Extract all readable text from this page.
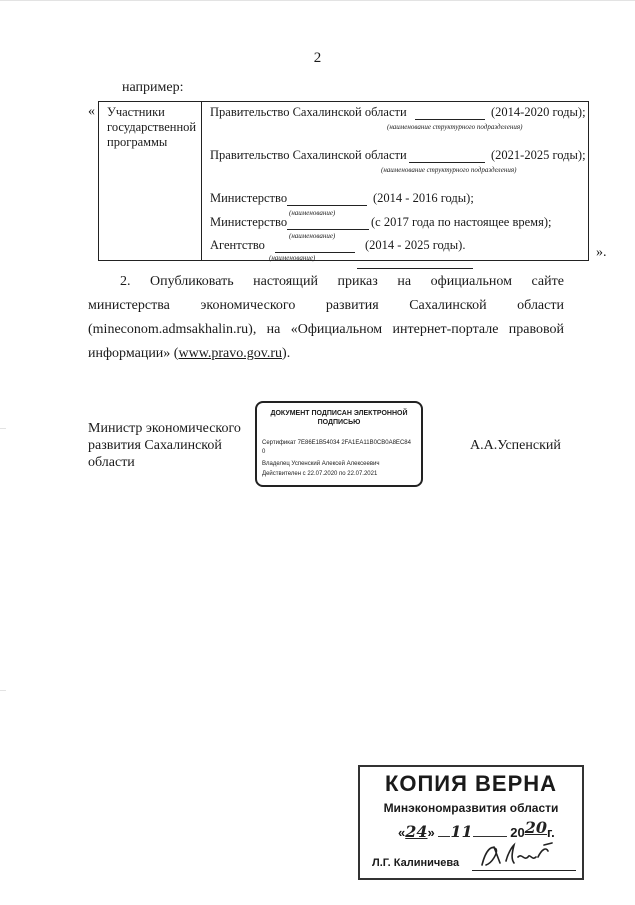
2
например:
« Участники государственной программы
Правительство Сахалинской области	(2014-2020 годы);
(наименование структурного подразделения)
Правительство Сахалинской области	(2021-2025 годы);
(наименование структурного подразделения)
Министерство	(2014 - 2016 годы);
(наименование)
Министерство	(с 2017 года по настоящее время);
(наименование)
Агентство	(2014 - 2025 годы).
(наименование)	».
2. Опубликовать настоящий приказ на официальном сайте
министерства экономического развития Сахалинской области
(mineconom.admsakhalin.ru), на «Официальном интернет-портале правовой
информации» (www.pravo.gov.ru).
Министр экономического развития Сахалинской области
ДОКУМЕНТ ПОДПИСАН ЭЛЕКТРОННОЙ ПОДПИСЬЮ
Сертификат 7E86E1B54034 2FA1EA11B0CB0A8EC84
0
Владелец Успенский Алексей Алексеевич
Действителен с 22.07.2020 по 22.07.2021
А.А.Успенский
КОПИЯ ВЕРНА
Минэкономразвития области
«24» 11	2020г.
Л.Г. Калиничева
